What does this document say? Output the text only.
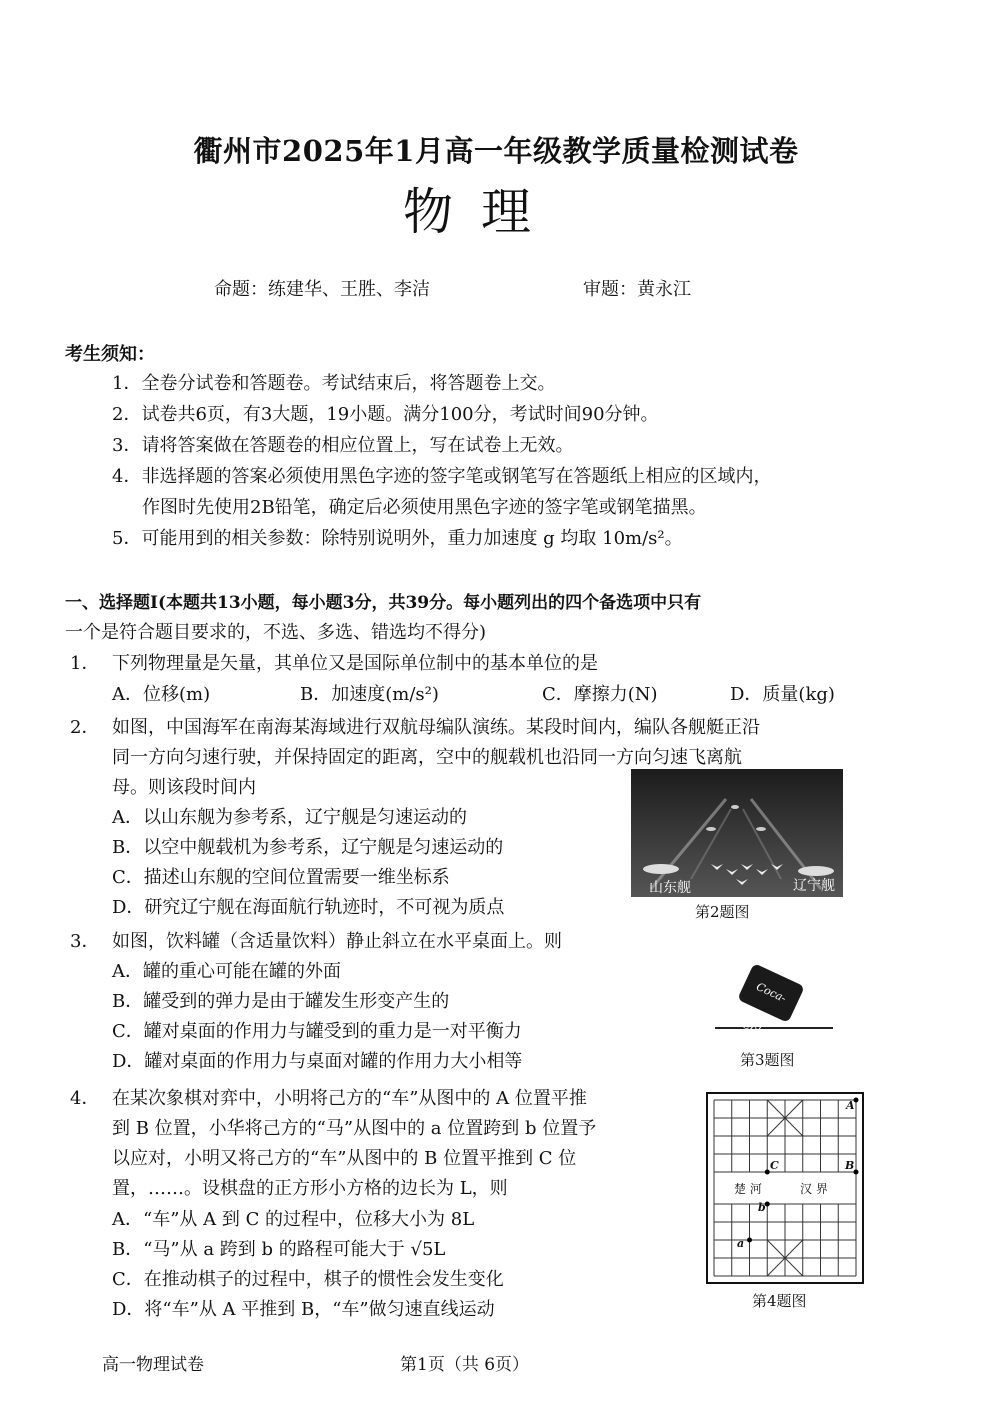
衢州市2025年1月高一年级教学质量检测试卷
物 理
命题：练建华、王胜、李洁	审题：黄永江
考生须知：
1．全卷分试卷和答题卷。考试结束后，将答题卷上交。
2．试卷共6页，有3大题，19小题。满分100分，考试时间90分钟。
3．请将答案做在答题卷的相应位置上，写在试卷上无效。
4．非选择题的答案必须使用黑色字迹的签字笔或钢笔写在答题纸上相应的区域内，
作图时先使用2B铅笔，确定后必须使用黑色字迹的签字笔或钢笔描黑。
5．可能用到的相关参数：除特别说明外，重力加速度 g 均取 10m/s²。
一、选择题Ⅰ(本题共13小题，每小题3分，共39分。每小题列出的四个备选项中只有
一个是符合题目要求的，不选、多选、错选均不得分)
1． 下列物理量是矢量，其单位又是国际单位制中的基本单位的是
A．位移(m)	B．加速度(m/s²)	C．摩擦力(N)	D．质量(kg)
2． 如图，中国海军在南海某海域进行双航母编队演练。某段时间内，编队各舰艇正沿
同一方向匀速行驶，并保持固定的距离，空中的舰载机也沿同一方向匀速飞离航
母。则该段时间内
A．以山东舰为参考系，辽宁舰是匀速运动的
B．以空中舰载机为参考系，辽宁舰是匀速运动的
C．描述山东舰的空间位置需要一维坐标系
D．研究辽宁舰在海面航行轨迹时，不可视为质点
山东舰	辽宁舰
第2题图
3． 如图，饮料罐（含适量饮料）静止斜立在水平桌面上。则
A．罐的重心可能在罐的外面
B．罐受到的弹力是由于罐发生形变产生的
C．罐对桌面的作用力与罐受到的重力是一对平衡力
D．罐对桌面的作用力与桌面对罐的作用力大小相等
Coca-Cola
第3题图
4． 在某次象棋对弈中，小明将己方的“车”从图中的 A 位置平推
到 B 位置，小华将己方的“马”从图中的 a 位置跨到 b 位置予
以应对，小明又将己方的“车”从图中的 B 位置平推到 C 位
置，……。设棋盘的正方形小方格的边长为 L，则
A．“车”从 A 到 C 的过程中，位移大小为 8L
B．“马”从 a 跨到 b 的路程可能大于 √5L
C．在推动棋子的过程中，棋子的惯性会发生变化
D．将“车”从 A 平推到 B，“车”做匀速直线运动
A
B
C
a
b
楚 河	汉 界
第4题图
高一物理试卷	第1页（共 6页）
